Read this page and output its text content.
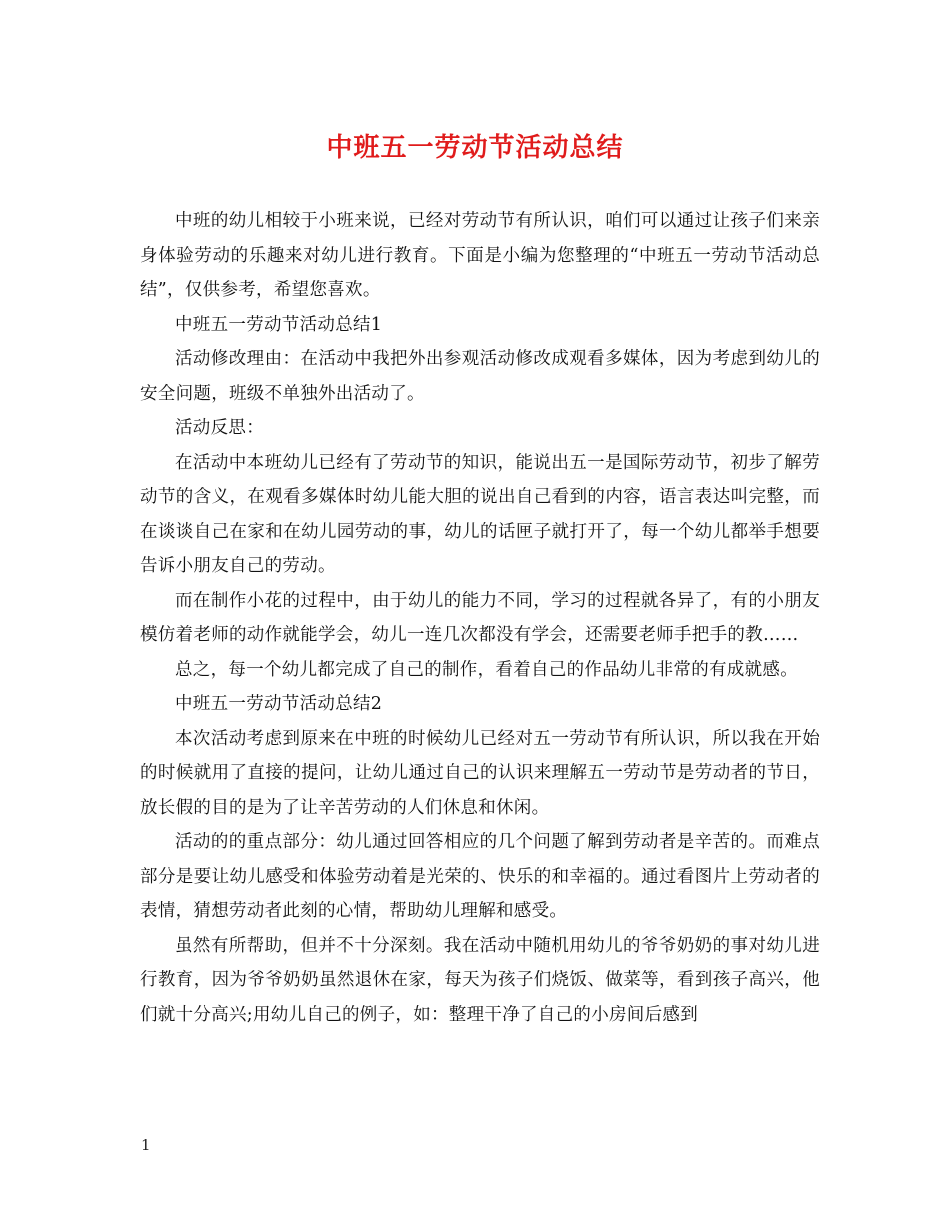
中班五一劳动节活动总结

中班的幼儿相较于小班来说，已经对劳动节有所认识，咱们可以通过让孩子们来亲身体验劳动的乐趣来对幼儿进行教育。下面是小编为您整理的“中班五一劳动节活动总结”，仅供参考，希望您喜欢。

中班五一劳动节活动总结1

活动修改理由：在活动中我把外出参观活动修改成观看多媒体，因为考虑到幼儿的安全问题，班级不单独外出活动了。

活动反思：

在活动中本班幼儿已经有了劳动节的知识，能说出五一是国际劳动节，初步了解劳动节的含义，在观看多媒体时幼儿能大胆的说出自己看到的内容，语言表达叫完整，而在谈谈自己在家和在幼儿园劳动的事，幼儿的话匣子就打开了，每一个幼儿都举手想要告诉小朋友自己的劳动。

而在制作小花的过程中，由于幼儿的能力不同，学习的过程就各异了，有的小朋友模仿着老师的动作就能学会，幼儿一连几次都没有学会，还需要老师手把手的教……

总之，每一个幼儿都完成了自己的制作，看着自己的作品幼儿非常的有成就感。

中班五一劳动节活动总结2

本次活动考虑到原来在中班的时候幼儿已经对五一劳动节有所认识，所以我在开始的时候就用了直接的提问，让幼儿通过自己的认识来理解五一劳动节是劳动者的节日，放长假的目的是为了让辛苦劳动的人们休息和休闲。

活动的的重点部分：幼儿通过回答相应的几个问题了解到劳动者是辛苦的。而难点部分是要让幼儿感受和体验劳动着是光荣的、快乐的和幸福的。通过看图片上劳动者的表情，猜想劳动者此刻的心情，帮助幼儿理解和感受。

虽然有所帮助，但并不十分深刻。我在活动中随机用幼儿的爷爷奶奶的事对幼儿进行教育，因为爷爷奶奶虽然退休在家，每天为孩子们烧饭、做菜等，看到孩子高兴，他们就十分高兴;用幼儿自己的例子，如：整理干净了自己的小房间后感到

1
